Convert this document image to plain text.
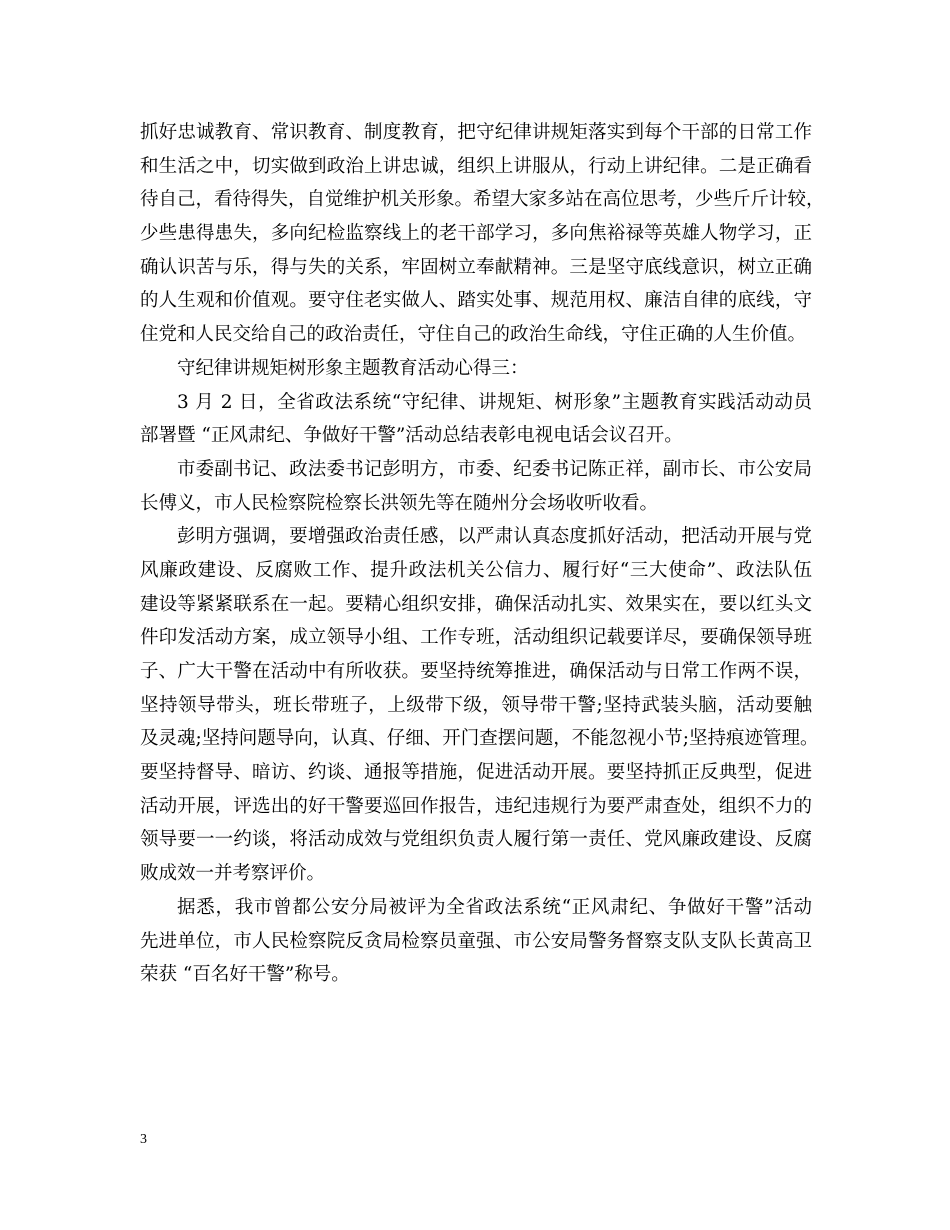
抓好忠诚教育、常识教育、制度教育，把守纪律讲规矩落实到每个干部的日常工作
和生活之中，切实做到政治上讲忠诚，组织上讲服从，行动上讲纪律。二是正确看
待自己，看待得失，自觉维护机关形象。希望大家多站在高位思考，少些斤斤计较，
少些患得患失，多向纪检监察线上的老干部学习，多向焦裕禄等英雄人物学习，正
确认识苦与乐，得与失的关系，牢固树立奉献精神。三是坚守底线意识，树立正确
的人生观和价值观。要守住老实做人、踏实处事、规范用权、廉洁自律的底线，守
住党和人民交给自己的政治责任，守住自己的政治生命线，守住正确的人生价值。
守纪律讲规矩树形象主题教育活动心得三：
3 月 2 日，全省政法系统“守纪律、讲规矩、树形象”主题教育实践活动动员
部署暨 “正风肃纪、争做好干警”活动总结表彰电视电话会议召开。
市委副书记、政法委书记彭明方，市委、纪委书记陈正祥，副市长、市公安局
长傅义，市人民检察院检察长洪领先等在随州分会场收听收看。
彭明方强调，要增强政治责任感，以严肃认真态度抓好活动，把活动开展与党
风廉政建设、反腐败工作、提升政法机关公信力、履行好“三大使命”、政法队伍
建设等紧紧联系在一起。要精心组织安排，确保活动扎实、效果实在，要以红头文
件印发活动方案，成立领导小组、工作专班，活动组织记载要详尽，要确保领导班
子、广大干警在活动中有所收获。要坚持统筹推进，确保活动与日常工作两不误，
坚持领导带头，班长带班子，上级带下级，领导带干警;坚持武装头脑，活动要触
及灵魂;坚持问题导向，认真、仔细、开门查摆问题，不能忽视小节;坚持痕迹管理。
要坚持督导、暗访、约谈、通报等措施，促进活动开展。要坚持抓正反典型，促进
活动开展，评选出的好干警要巡回作报告，违纪违规行为要严肃查处，组织不力的
领导要一一约谈，将活动成效与党组织负责人履行第一责任、党风廉政建设、反腐
败成效一并考察评价。
据悉，我市曾都公安分局被评为全省政法系统“正风肃纪、争做好干警”活动
先进单位，市人民检察院反贪局检察员童强、市公安局警务督察支队支队长黄高卫
荣获 “百名好干警”称号。
3
